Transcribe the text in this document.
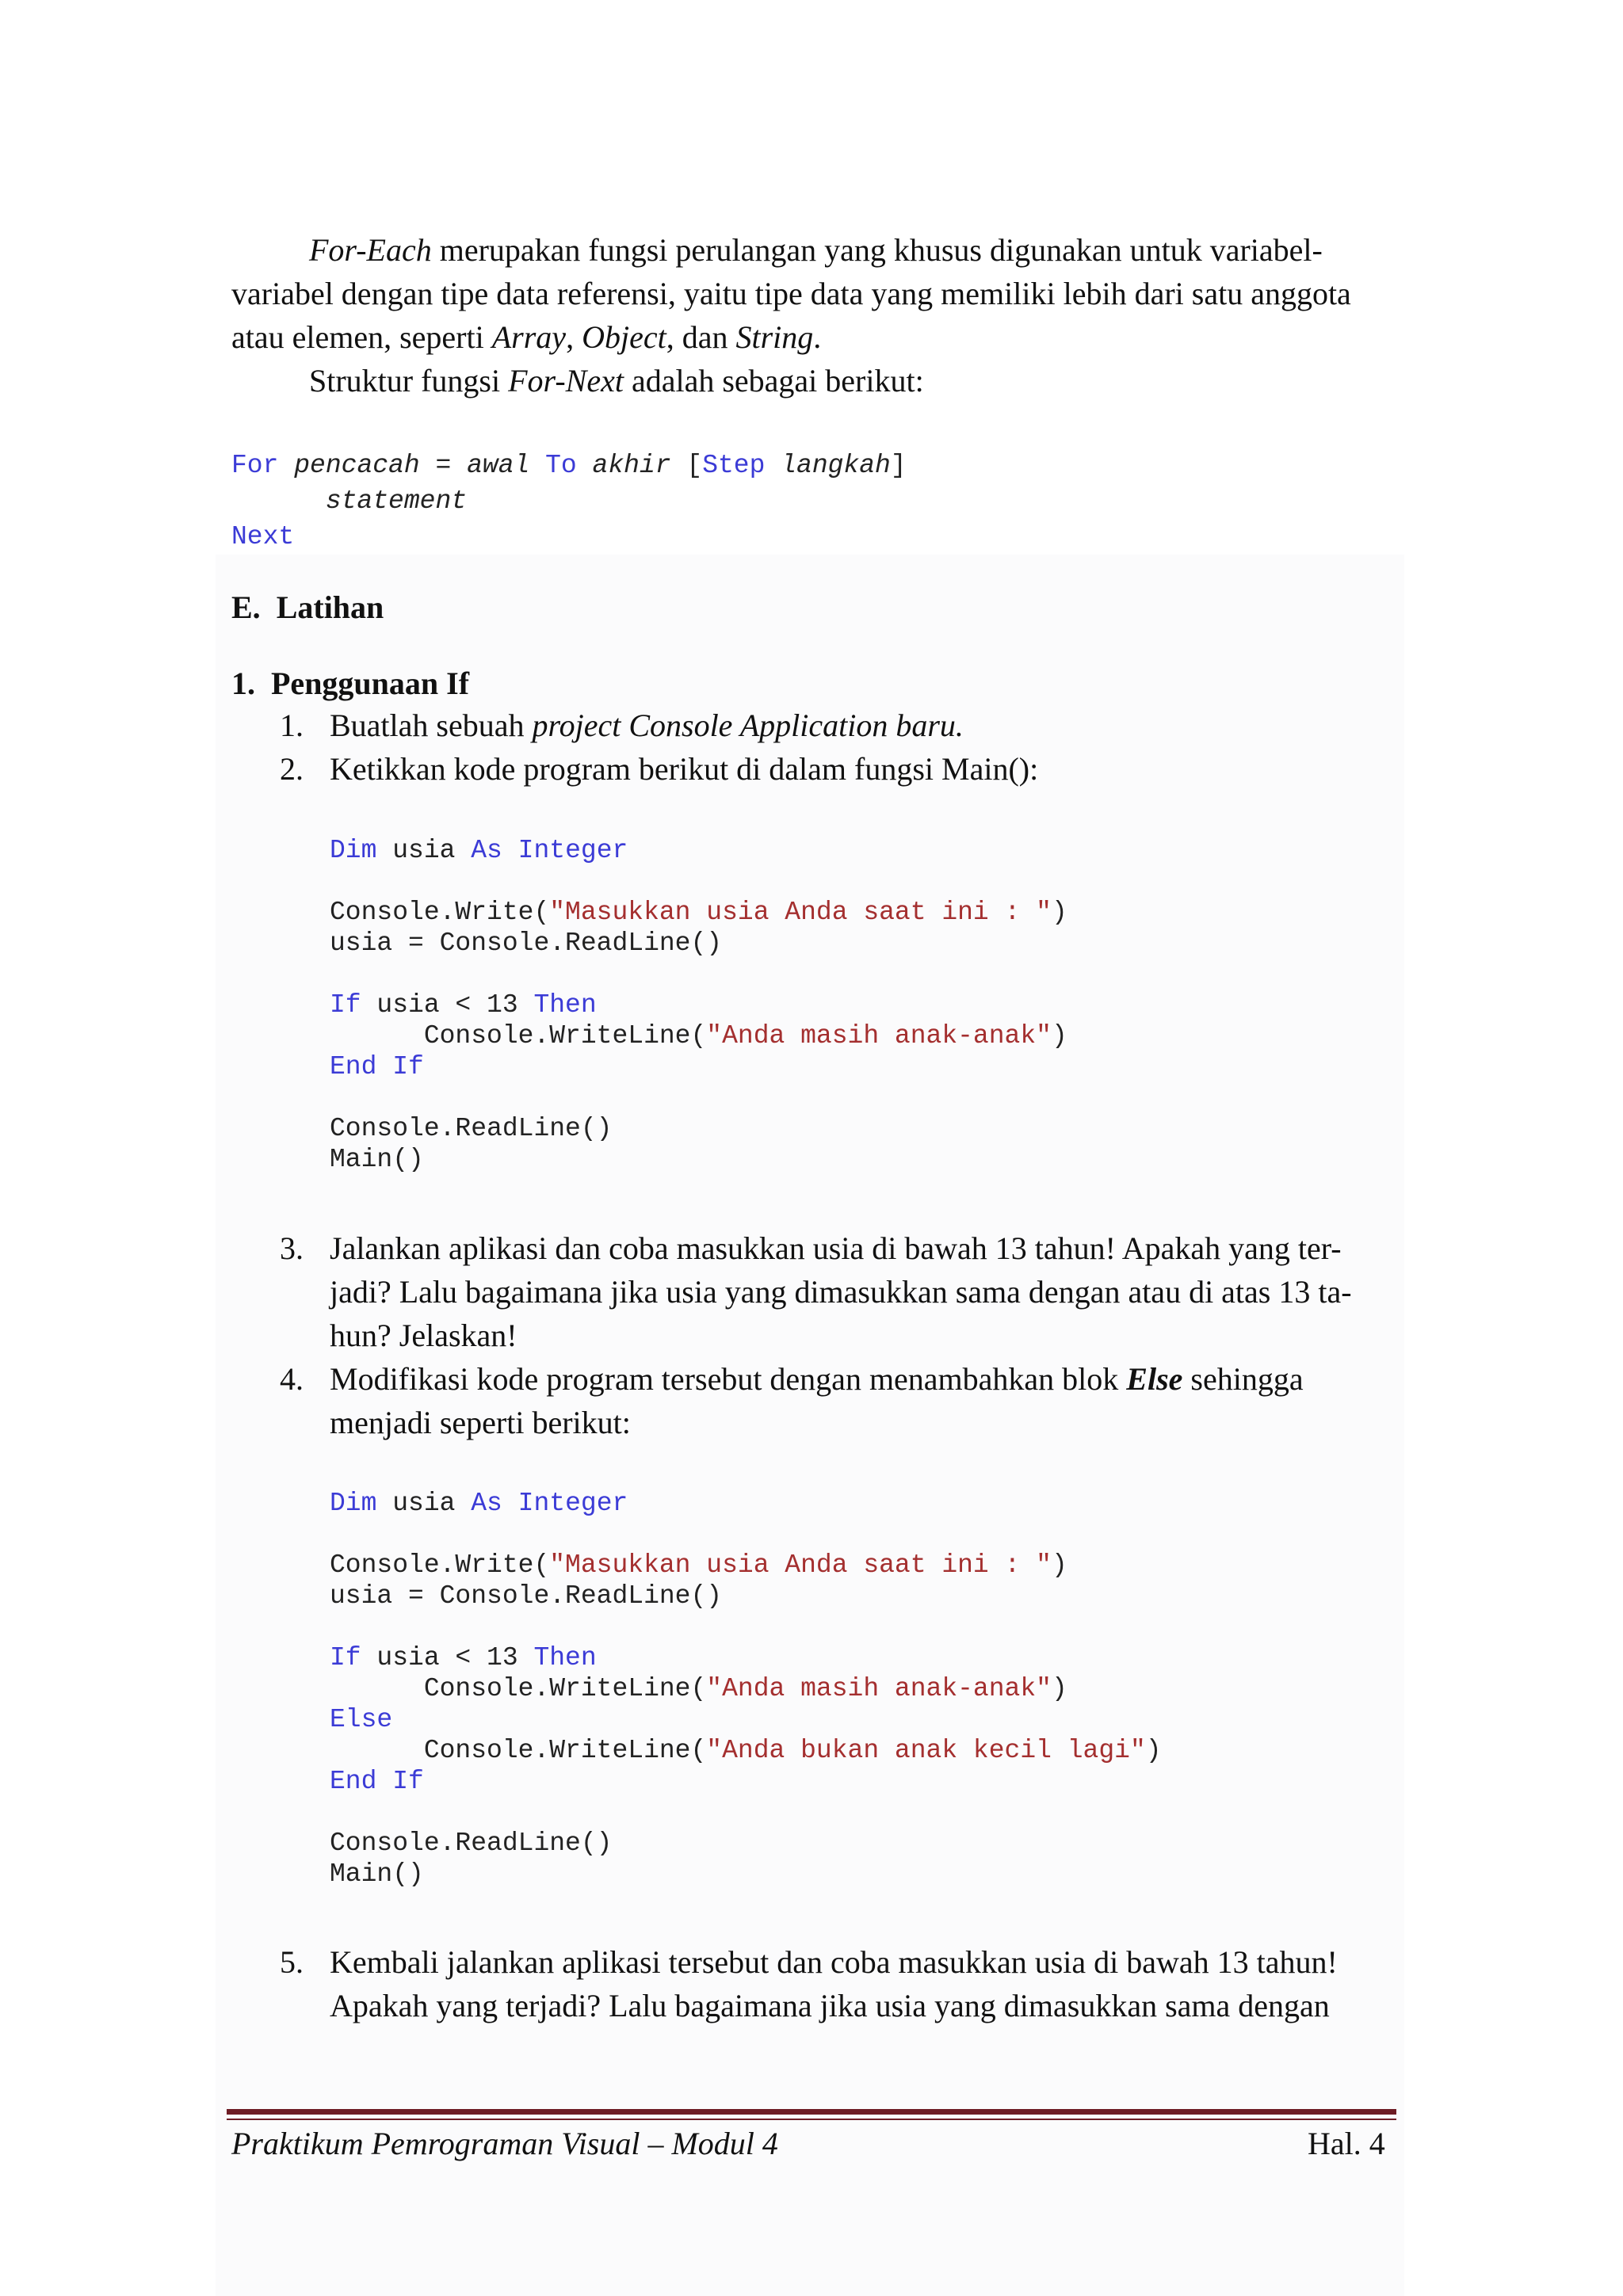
For-Each merupakan fungsi perulangan yang khusus digunakan untuk variabel-

variabel dengan tipe data referensi, yaitu tipe data yang memiliki lebih dari satu anggota

atau elemen, seperti Array, Object, dan String.

Struktur fungsi For-Next adalah sebagai berikut:

For pencacah = awal To akhir [Step langkah]
statement
Next
E. Latihan
1. Penggunaan If
1. Buatlah sebuah project Console Application baru.

2. Ketikkan kode program berikut di dalam fungsi Main():

Dim usia As Integer

Console.Write("Masukkan usia Anda saat ini : ")
usia = Console.ReadLine()

If usia < 13 Then
Console.WriteLine("Anda masih anak-anak")
End If

Console.ReadLine()
Main()
3. Jalankan aplikasi dan coba masukkan usia di bawah 13 tahun! Apakah yang ter-

jadi? Lalu bagaimana jika usia yang dimasukkan sama dengan atau di atas 13 ta-

hun? Jelaskan!

4. Modifikasi kode program tersebut dengan menambahkan blok Else sehingga

menjadi seperti berikut:

Dim usia As Integer

Console.Write("Masukkan usia Anda saat ini : ")
usia = Console.ReadLine()

If usia < 13 Then
Console.WriteLine("Anda masih anak-anak")
Else
Console.WriteLine("Anda bukan anak kecil lagi")
End If

Console.ReadLine()
Main()
5. Kembali jalankan aplikasi tersebut dan coba masukkan usia di bawah 13 tahun!

Apakah yang terjadi? Lalu bagaimana jika usia yang dimasukkan sama dengan

Praktikum Pemrograman Visual – Modul 4	Hal. 4
